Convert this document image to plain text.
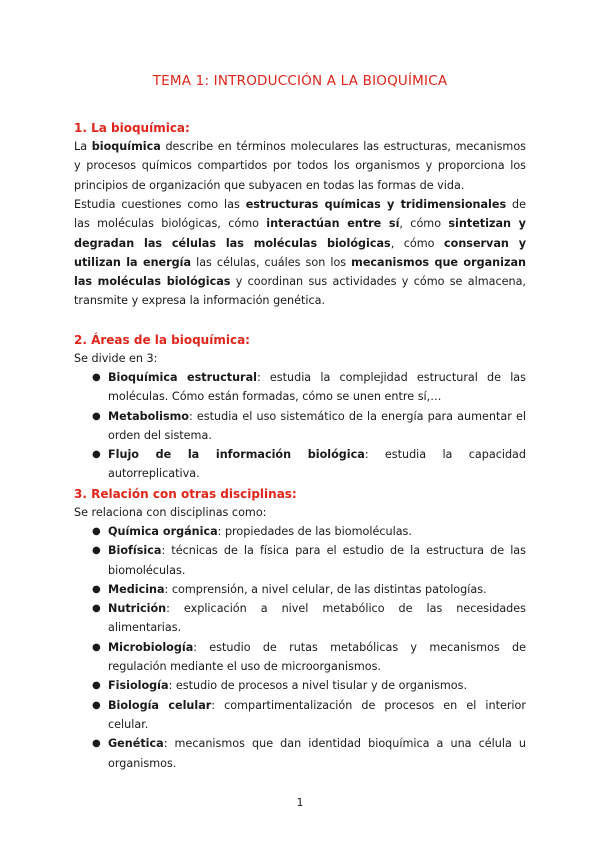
TEMA 1: INTRODUCCIÓN A LA BIOQUÍMICA
1. La bioquímica:

La bioquímica describe en términos moleculares las estructuras, mecanismos y procesos químicos compartidos por todos los organismos y proporciona los principios de organización que subyacen en todas las formas de vida.

Estudia cuestiones como las estructuras químicas y tridimensionales de las moléculas biológicas, cómo interactúan entre sí, cómo sintetizan y degradan las células las moléculas biológicas, cómo conservan y utilizan la energía las células, cuáles son los mecanismos que organizan las moléculas biológicas y coordinan sus actividades y cómo se almacena, transmite y expresa la información genética.

2. Áreas de la bioquímica:

Se divide en 3:

● Bioquímica estructural: estudia la complejidad estructural de las moléculas. Cómo están formadas, cómo se unen entre sí,…
● Metabolismo: estudia el uso sistemático de la energía para aumentar el orden del sistema.
● Flujo de la información biológica: estudia la capacidad autorreplicativa.
3. Relación con otras disciplinas:

Se relaciona con disciplinas como:

● Química orgánica: propiedades de las biomoléculas.
● Biofísica: técnicas de la física para el estudio de la estructura de las biomoléculas.
● Medicina: comprensión, a nivel celular, de las distintas patologías.
● Nutrición: explicación a nivel metabólico de las necesidades alimentarias.
● Microbiología: estudio de rutas metabólicas y mecanismos de regulación mediante el uso de microorganismos.
● Fisiología: estudio de procesos a nivel tisular y de organismos.
● Biología celular: compartimentalización de procesos en el interior celular.
● Genética: mecanismos que dan identidad bioquímica a una célula u organismos.
1
